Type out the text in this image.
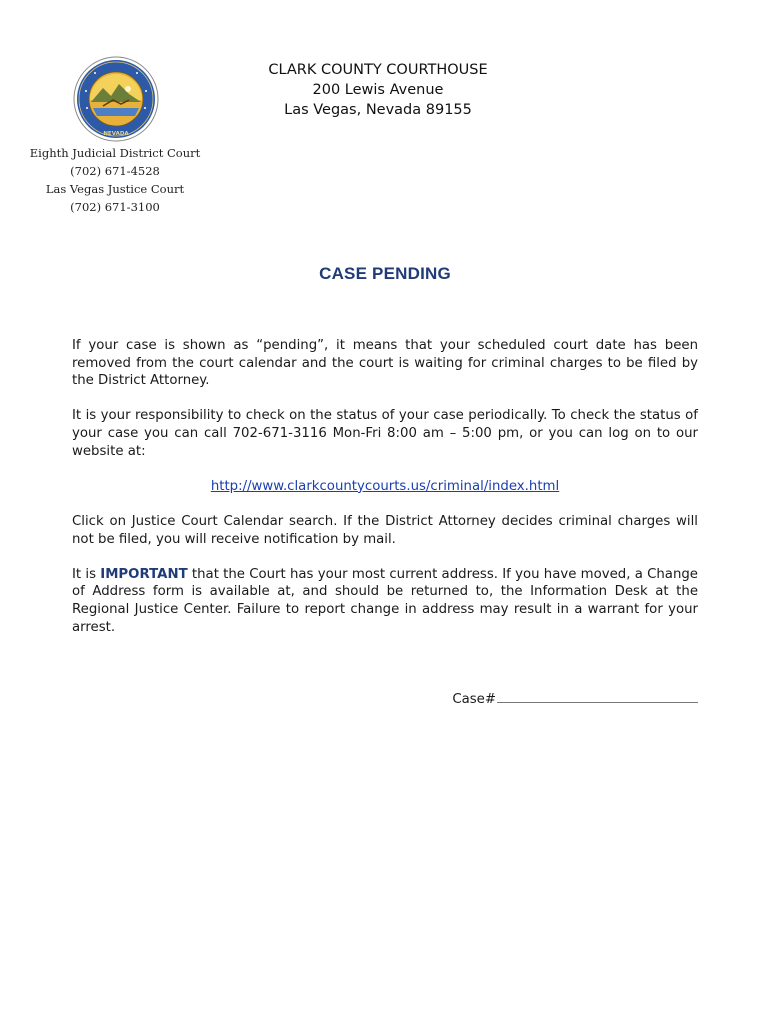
NEVADA
Eighth Judicial District Court
(702) 671-4528
Las Vegas Justice Court
(702) 671-3100
CLARK COUNTY COURTHOUSE
200 Lewis Avenue
Las Vegas, Nevada 89155
CASE PENDING

If your case is shown as “pending”, it means that your scheduled court date has been removed from the court calendar and the court is waiting for criminal charges to be filed by the District Attorney.

It is your responsibility to check on the status of your case periodically. To check the status of your case you can call 702-671-3116 Mon-Fri 8:00 am – 5:00 pm, or you can log on to our website at:

http://www.clarkcountycourts.us/criminal/index.html

Click on Justice Court Calendar search. If the District Attorney decides criminal charges will not be filed, you will receive notification by mail.

It is IMPORTANT that the Court has your most current address. If you have moved, a Change of Address form is available at, and should be returned to, the Information Desk at the Regional Justice Center. Failure to report change in address may result in a warrant for your arrest.

Case#
